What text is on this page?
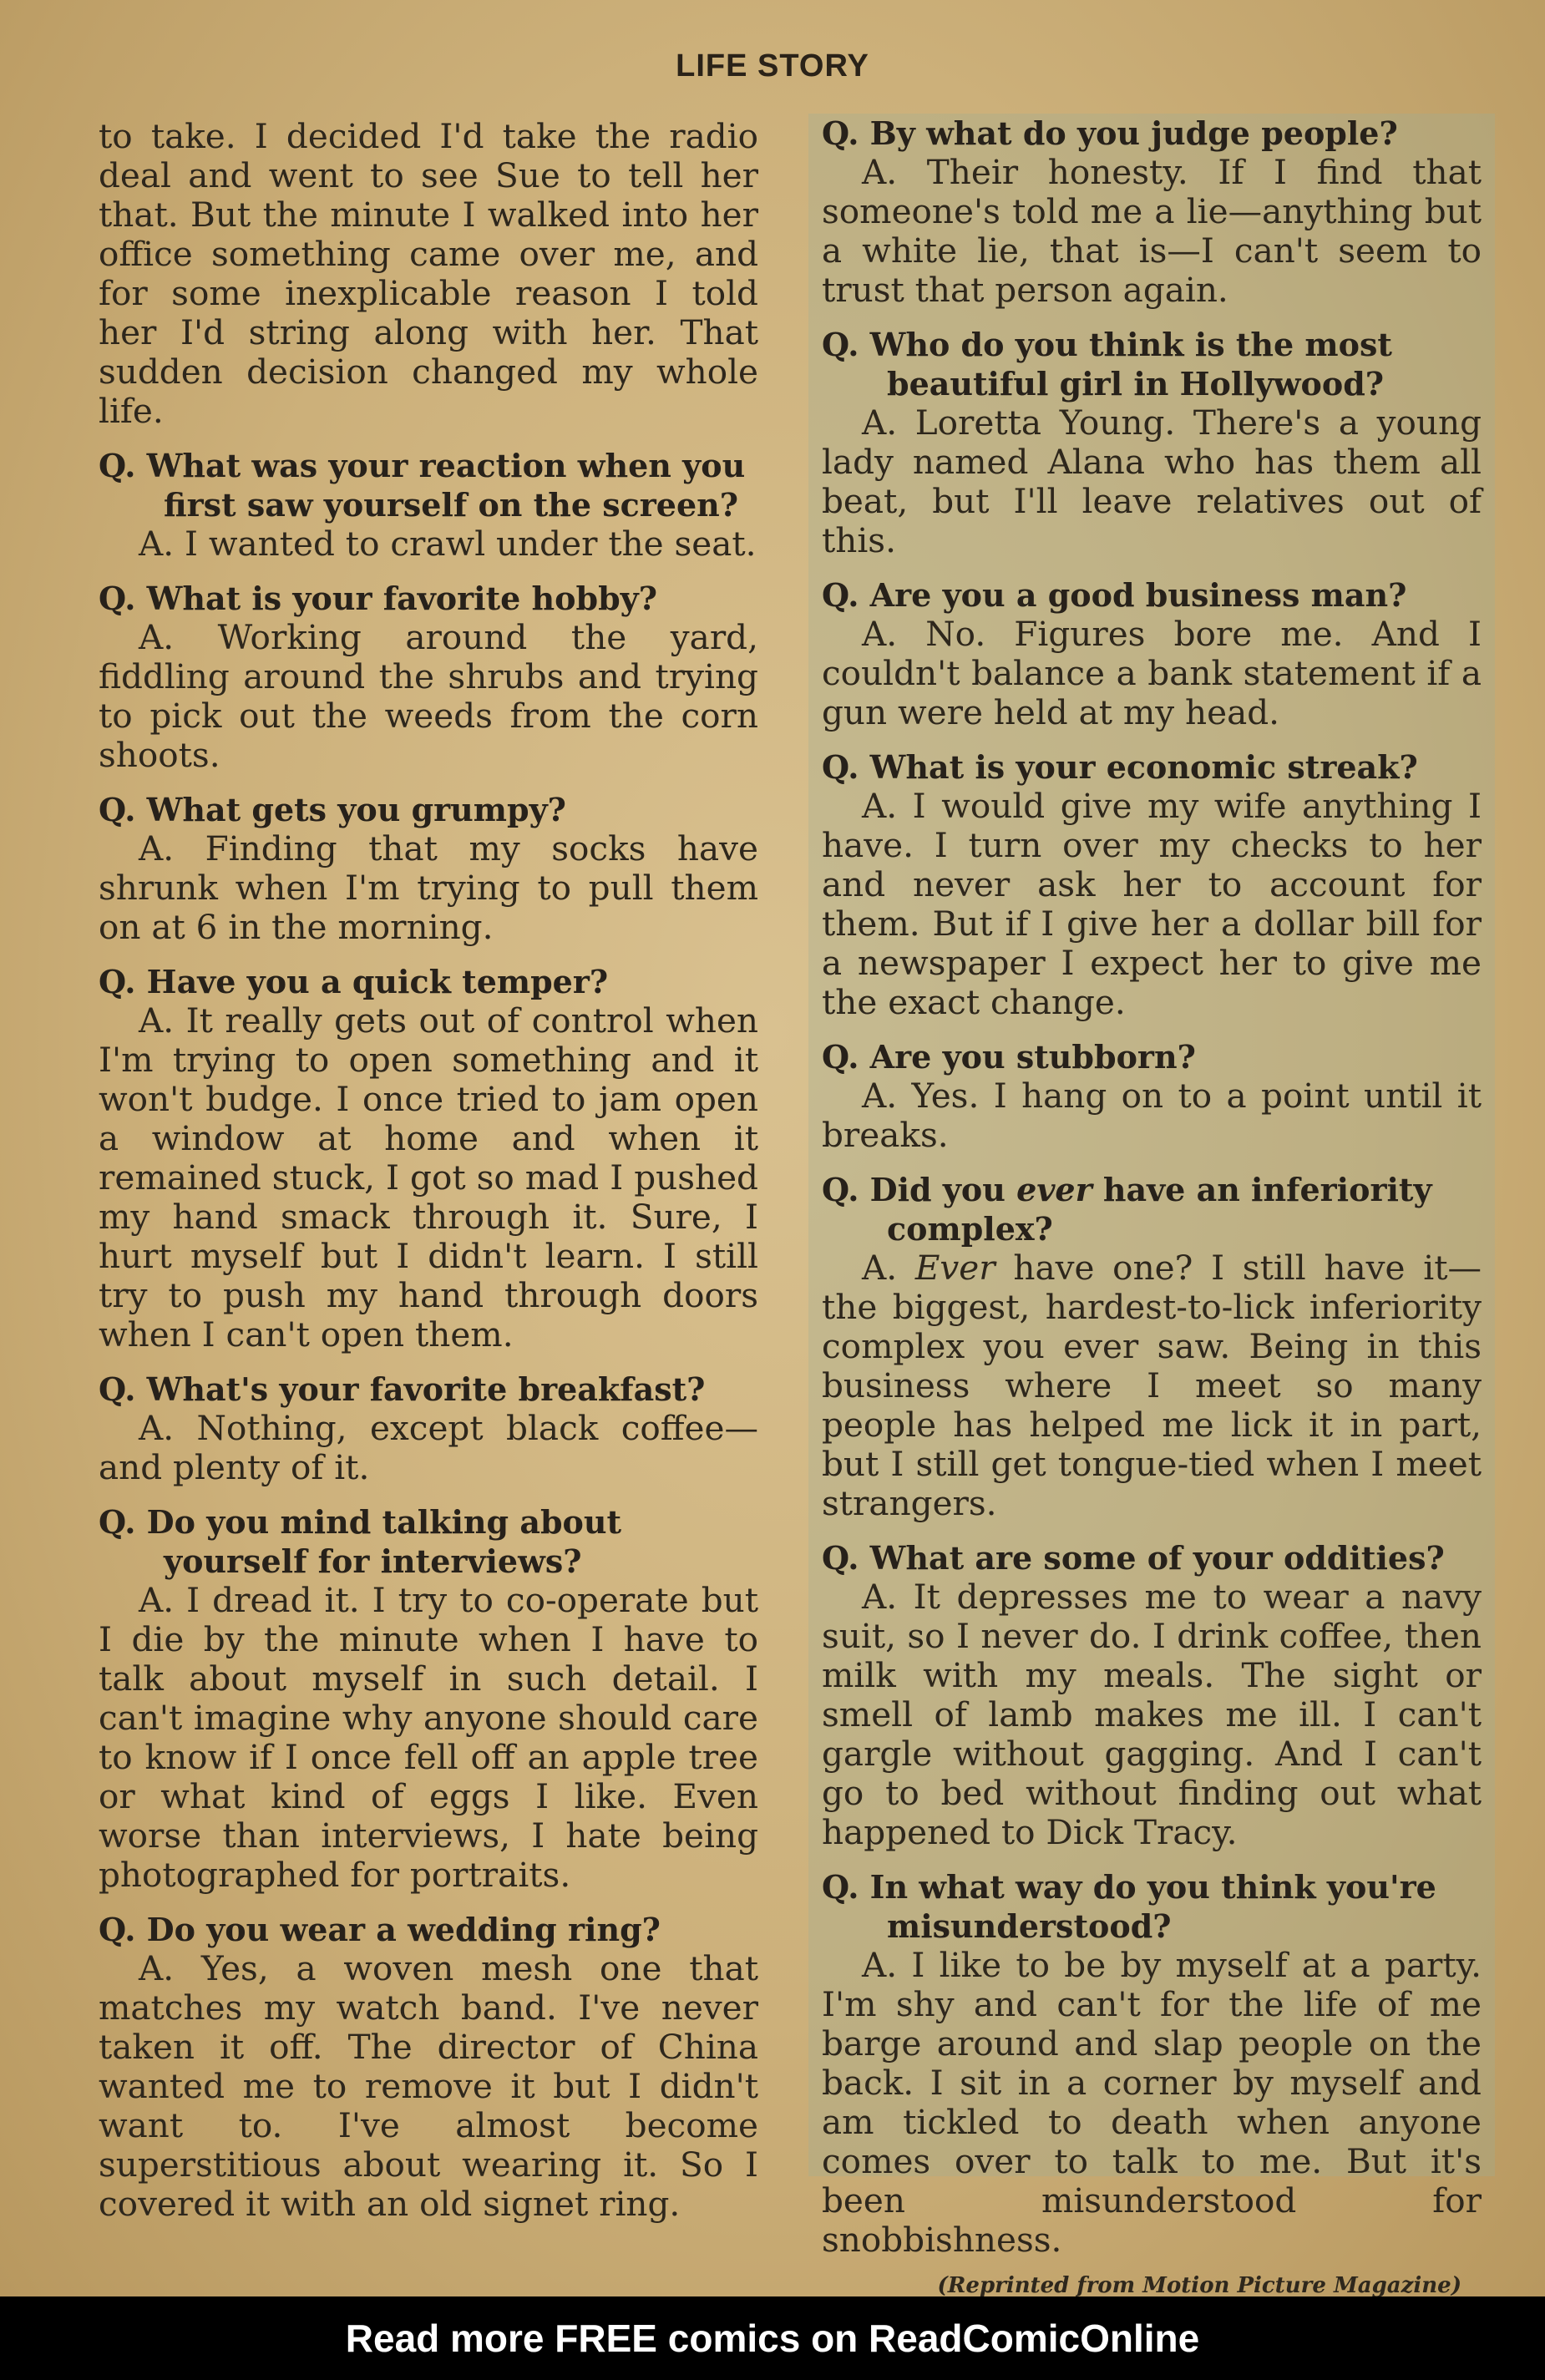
LIFE STORY

to take. I decided I'd take the radio deal and went to see Sue to tell her that. But the minute I walked into her office something came over me, and for some inexplicable reason I told her I'd string along with her. That sudden decision changed my whole life.

Q. What was your reaction when you first saw yourself on the screen?

A. I wanted to crawl under the seat.

Q. What is your favorite hobby?

A. Working around the yard, fiddling around the shrubs and trying to pick out the weeds from the corn shoots.

Q. What gets you grumpy?

A. Finding that my socks have shrunk when I'm trying to pull them on at 6 in the morning.

Q. Have you a quick temper?

A. It really gets out of control when I'm trying to open something and it won't budge. I once tried to jam open a window at home and when it remained stuck, I got so mad I pushed my hand smack through it. Sure, I hurt myself but I didn't learn. I still try to push my hand through doors when I can't open them.

Q. What's your favorite breakfast?

A. Nothing, except black coffee—and plenty of it.

Q. Do you mind talking about yourself for interviews?

A. I dread it. I try to co-operate but I die by the minute when I have to talk about myself in such detail. I can't imagine why anyone should care to know if I once fell off an apple tree or what kind of eggs I like. Even worse than interviews, I hate being photographed for portraits.

Q. Do you wear a wedding ring?

A. Yes, a woven mesh one that matches my watch band. I've never taken it off. The director of China wanted me to remove it but I didn't want to. I've almost become superstitious about wearing it. So I covered it with an old signet ring.

Q. By what do you judge people?

A. Their honesty. If I find that someone's told me a lie—anything but a white lie, that is—I can't seem to trust that person again.

Q. Who do you think is the most beautiful girl in Hollywood?

A. Loretta Young. There's a young lady named Alana who has them all beat, but I'll leave relatives out of this.

Q. Are you a good business man?

A. No. Figures bore me. And I couldn't balance a bank statement if a gun were held at my head.

Q. What is your economic streak?

A. I would give my wife anything I have. I turn over my checks to her and never ask her to account for them. But if I give her a dollar bill for a newspaper I expect her to give me the exact change.

Q. Are you stubborn?

A. Yes. I hang on to a point until it breaks.

Q. Did you ever have an inferiority complex?

A. Ever have one? I still have it—the biggest, hardest-to-lick inferiority complex you ever saw. Being in this business where I meet so many people has helped me lick it in part, but I still get tongue-tied when I meet strangers.

Q. What are some of your oddities?

A. It depresses me to wear a navy suit, so I never do. I drink coffee, then milk with my meals. The sight or smell of lamb makes me ill. I can't gargle without gagging. And I can't go to bed without finding out what happened to Dick Tracy.

Q. In what way do you think you're misunderstood?

A. I like to be by myself at a party. I'm shy and can't for the life of me barge around and slap people on the back. I sit in a corner by myself and am tickled to death when anyone comes over to talk to me. But it's been misunderstood for snobbishness.

(Reprinted from Motion Picture Magazine)

Read more FREE comics on ReadComicOnline
